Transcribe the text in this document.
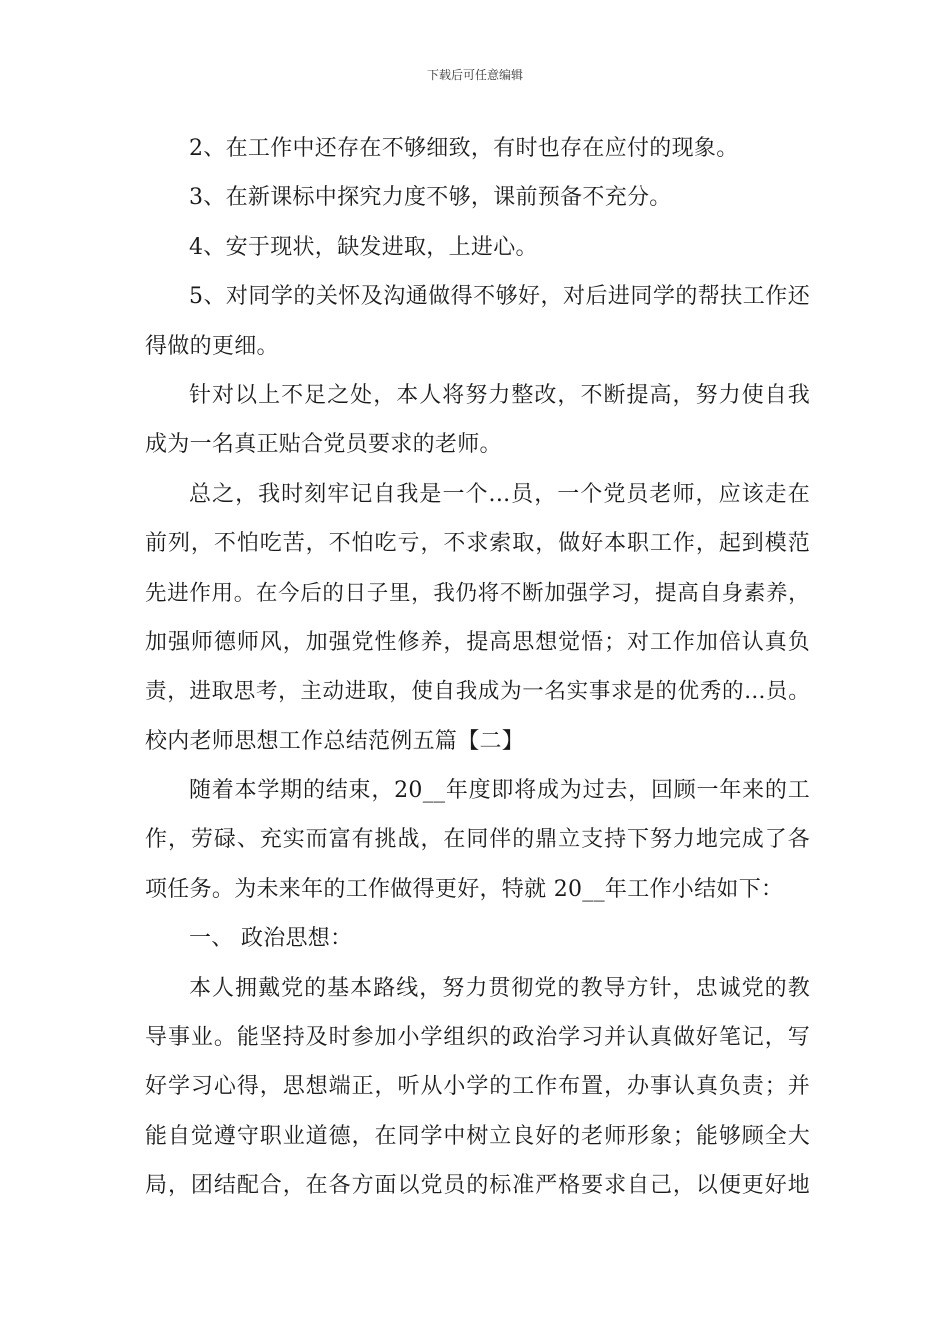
下载后可任意编辑
2、在工作中还存在不够细致，有时也存在应付的现象。
3、在新课标中探究力度不够，课前预备不充分。
4、安于现状，缺发进取，上进心。
5、对同学的关怀及沟通做得不够好，对后进同学的帮扶工作还
得做的更细。
针对以上不足之处，本人将努力整改，不断提高，努力使自我
成为一名真正贴合党员要求的老师。
总之，我时刻牢记自我是一个...员，一个党员老师，应该走在
前列，不怕吃苦，不怕吃亏，不求索取，做好本职工作，起到模范
先进作用。在今后的日子里，我仍将不断加强学习，提高自身素养，
加强师德师风，加强党性修养，提高思想觉悟；对工作加倍认真负
责，进取思考，主动进取，使自我成为一名实事求是的优秀的...员。
校内老师思想工作总结范例五篇【二】
随着本学期的结束，20__年度即将成为过去，回顾一年来的工
作，劳碌、充实而富有挑战，在同伴的鼎立支持下努力地完成了各
项任务。为未来年的工作做得更好，特就 20__年工作小结如下：
一、 政治思想：
本人拥戴党的基本路线，努力贯彻党的教导方针，忠诚党的教
导事业。能坚持及时参加小学组织的政治学习并认真做好笔记，写
好学习心得，思想端正，听从小学的工作布置，办事认真负责；并
能自觉遵守职业道德，在同学中树立良好的老师形象；能够顾全大
局，团结配合，在各方面以党员的标准严格要求自己，以便更好地
